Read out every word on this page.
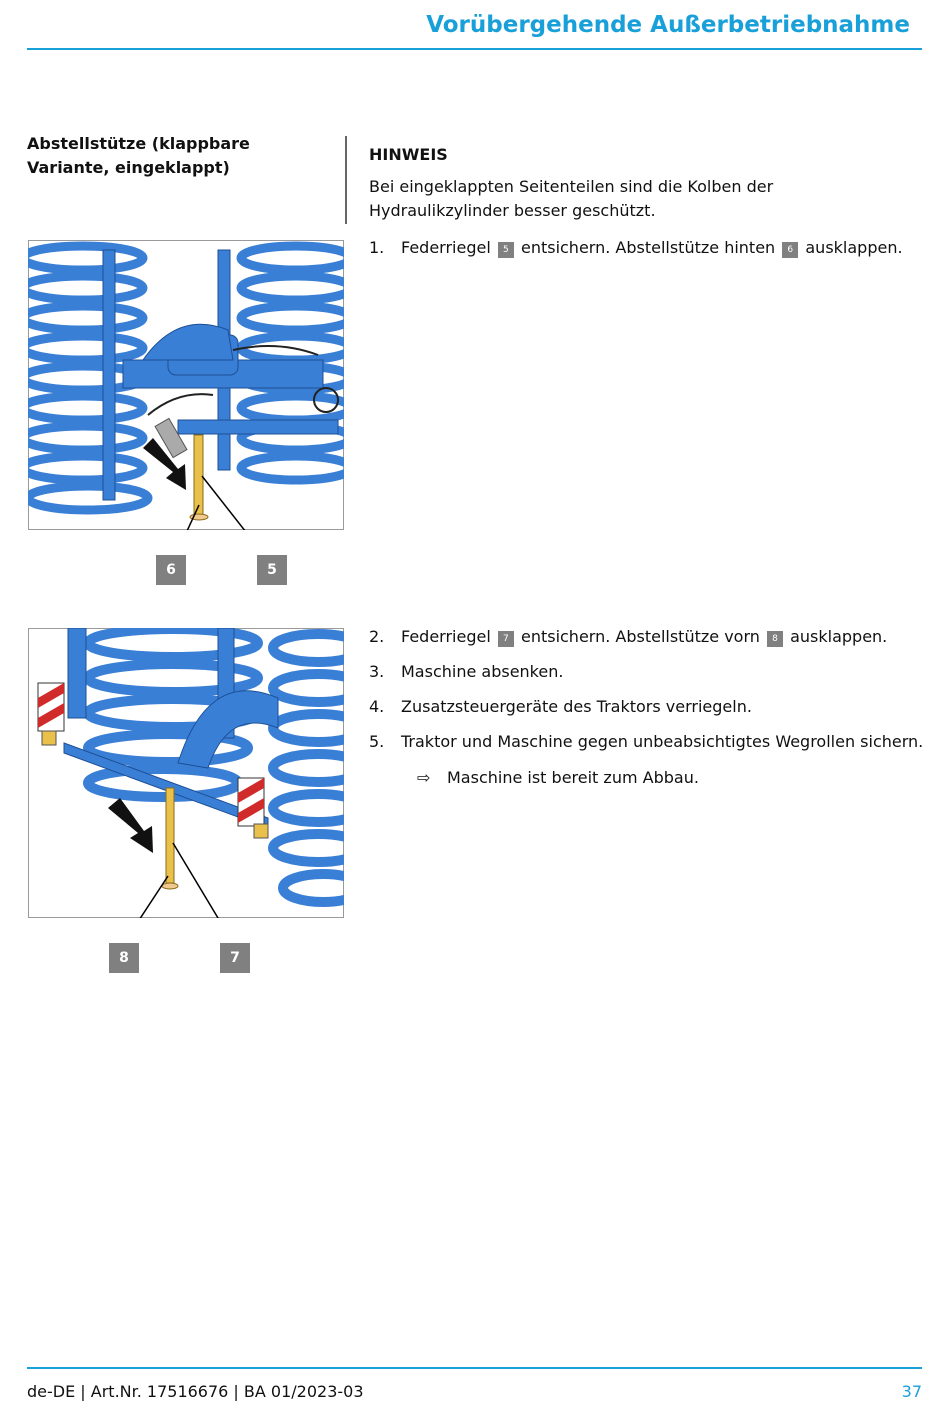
Vorübergehende Außerbetriebnahme
Abstellstütze (klappbare Variante, eingeklappt)
HINWEIS
Bei eingeklappten Seitenteilen sind die Kolben der Hydraulikzylinder besser geschützt.
1. Federriegel 5 entsichern. Abstellstütze hinten 6 ausklappen.
2. Federriegel 7 entsichern. Abstellstütze vorn 8 ausklappen.
3. Maschine absenken.
4. Zusatzsteuergeräte des Traktors verriegeln.
5. Traktor und Maschine gegen unbeabsichtigtes Wegrollen sichern.
⇨ Maschine ist bereit zum Abbau.
6	5
8	7
de-DE | Art.Nr. 17516676 | BA 01/2023-03	37
